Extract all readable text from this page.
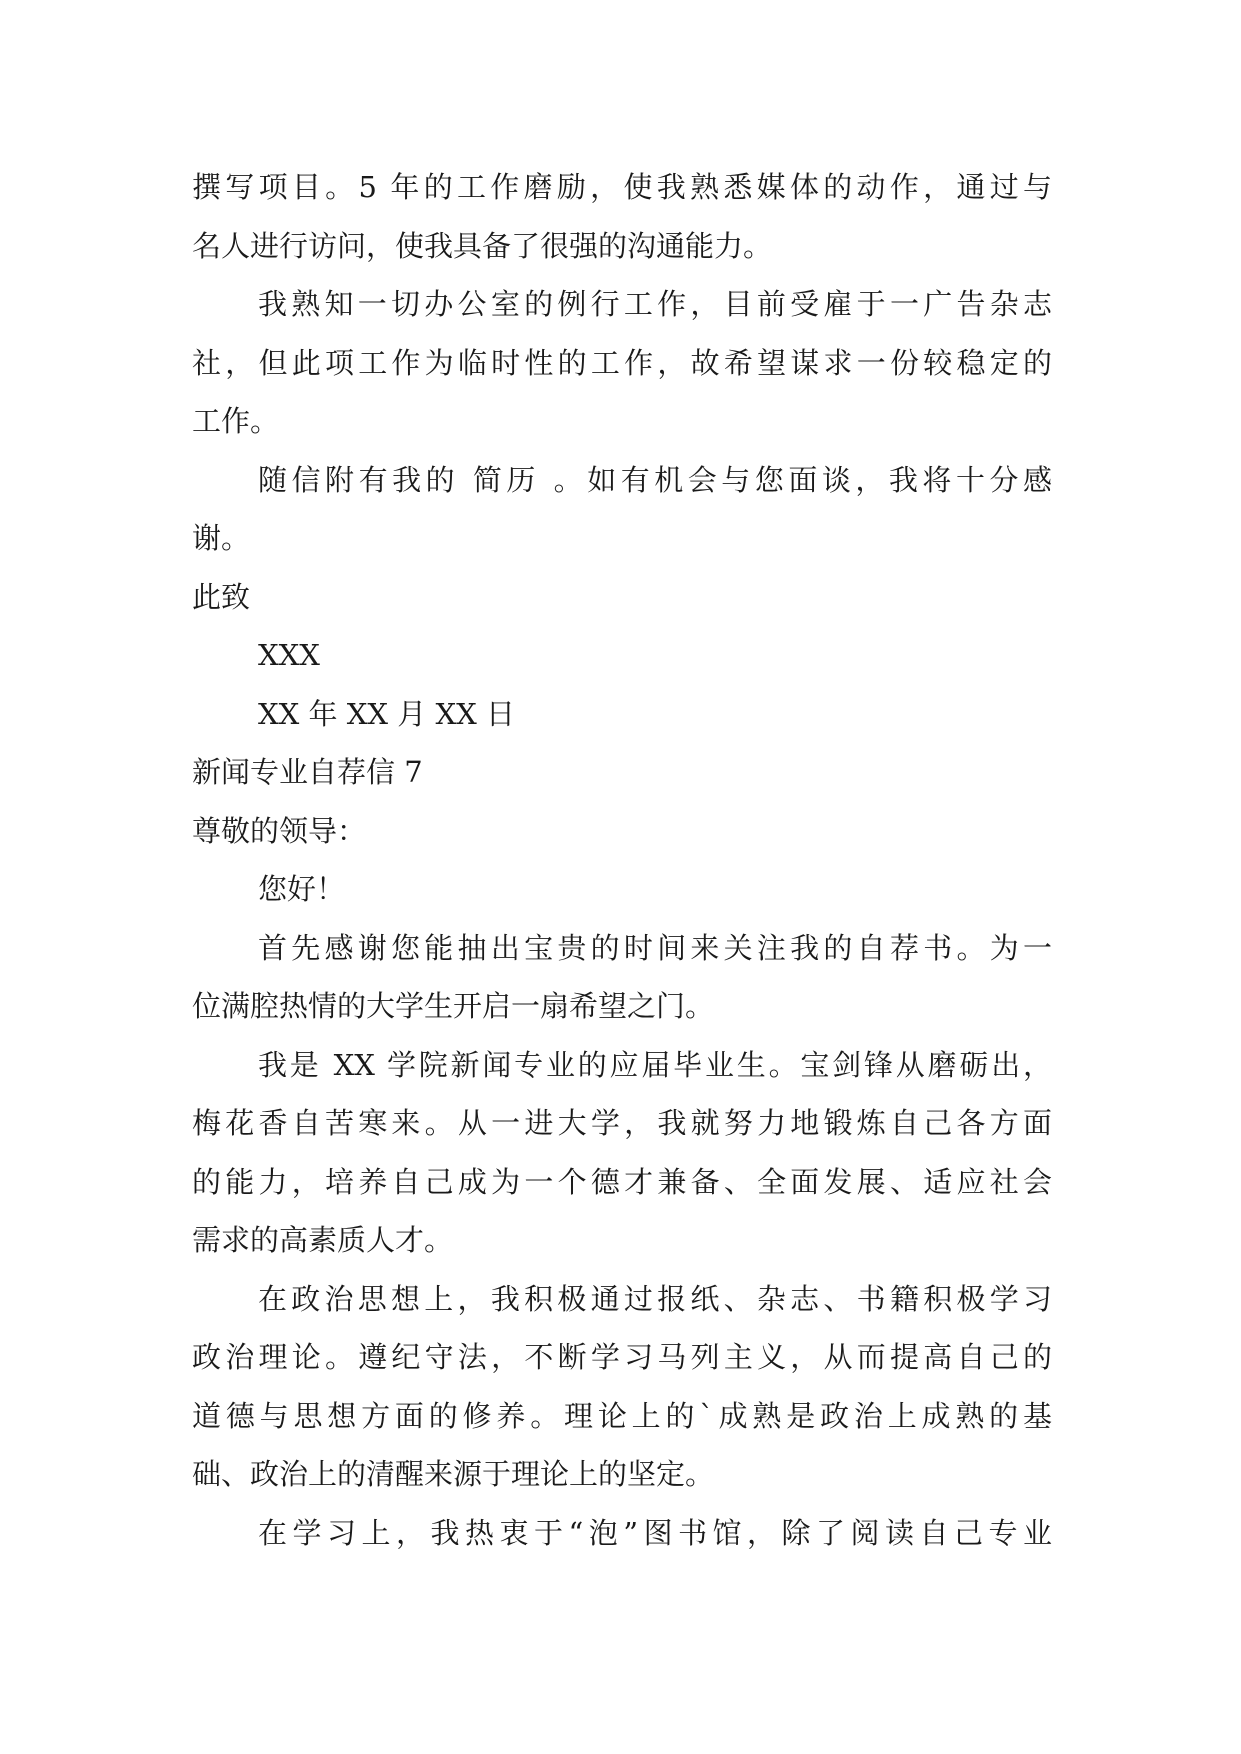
撰写项目。5 年的工作磨励，使我熟悉媒体的动作，通过与
名人进行访问，使我具备了很强的沟通能力。
我熟知一切办公室的例行工作，目前受雇于一广告杂志
社，但此项工作为临时性的工作，故希望谋求一份较稳定的
工作。
随信附有我的 简历 。如有机会与您面谈，我将十分感
谢。
此致
XXX
XX 年 XX 月 XX 日
新闻专业自荐信 7
尊敬的领导：
您好！
首先感谢您能抽出宝贵的时间来关注我的自荐书。为一
位满腔热情的大学生开启一扇希望之门。
我是 XX 学院新闻专业的应届毕业生。宝剑锋从磨砺出，
梅花香自苦寒来。从一进大学，我就努力地锻炼自己各方面
的能力，培养自己成为一个德才兼备、全面发展、适应社会
需求的高素质人才。
在政治思想上，我积极通过报纸、杂志、书籍积极学习
政治理论。遵纪守法，不断学习马列主义，从而提高自己的
道德与思想方面的修养。理论上的`成熟是政治上成熟的基
础、政治上的清醒来源于理论上的坚定。
在学习上，我热衷于“泡”图书馆，除了阅读自己专业
